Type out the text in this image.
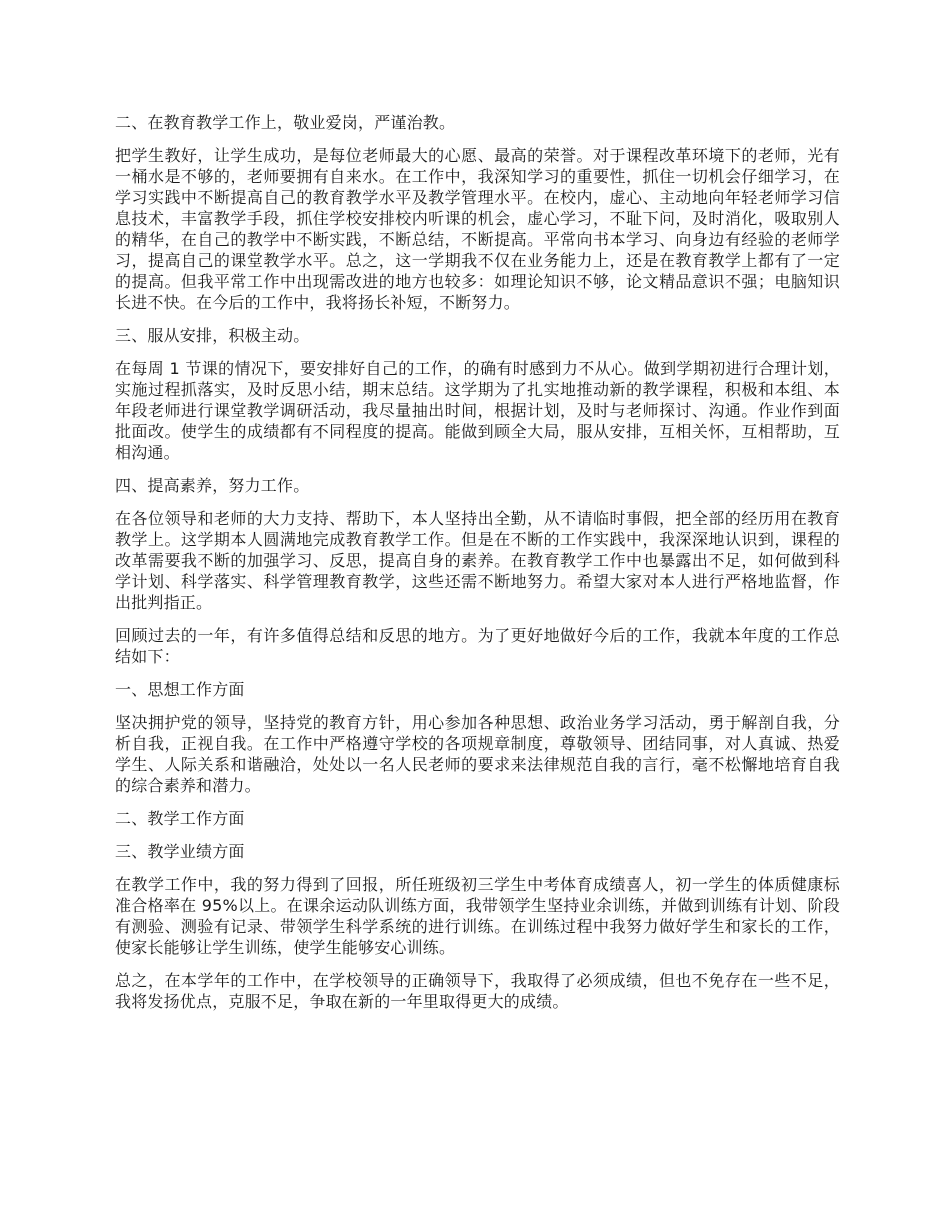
二、在教育教学工作上，敬业爱岗，严谨治教。

把学生教好，让学生成功，是每位老师最大的心愿、最高的荣誉。对于课程改革环境下的老师，光有一桶水是不够的，老师要拥有自来水。在工作中，我深知学习的重要性，抓住一切机会仔细学习，在学习实践中不断提高自己的教育教学水平及教学管理水平。在校内，虚心、主动地向年轻老师学习信息技术，丰富教学手段，抓住学校安排校内听课的机会，虚心学习，不耻下问，及时消化，吸取别人的精华，在自己的教学中不断实践，不断总结，不断提高。平常向书本学习、向身边有经验的老师学习，提高自己的课堂教学水平。总之，这一学期我不仅在业务能力上，还是在教育教学上都有了一定的提高。但我平常工作中出现需改进的地方也较多：如理论知识不够，论文精品意识不强；电脑知识长进不快。在今后的工作中，我将扬长补短，不断努力。

三、服从安排，积极主动。

在每周 1 节课的情况下，要安排好自己的工作，的确有时感到力不从心。做到学期初进行合理计划，实施过程抓落实，及时反思小结，期末总结。这学期为了扎实地推动新的教学课程，积极和本组、本年段老师进行课堂教学调研活动，我尽量抽出时间，根据计划，及时与老师探讨、沟通。作业作到面批面改。使学生的成绩都有不同程度的提高。能做到顾全大局，服从安排，互相关怀，互相帮助，互相沟通。

四、提高素养，努力工作。

在各位领导和老师的大力支持、帮助下，本人坚持出全勤，从不请临时事假，把全部的经历用在教育教学上。这学期本人圆满地完成教育教学工作。但是在不断的工作实践中，我深深地认识到，课程的改革需要我不断的加强学习、反思，提高自身的素养。在教育教学工作中也暴露出不足，如何做到科学计划、科学落实、科学管理教育教学，这些还需不断地努力。希望大家对本人进行严格地监督，作出批判指正。

回顾过去的一年，有许多值得总结和反思的地方。为了更好地做好今后的工作，我就本年度的工作总结如下：

一、思想工作方面

坚决拥护党的领导，坚持党的教育方针，用心参加各种思想、政治业务学习活动，勇于解剖自我，分析自我，正视自我。在工作中严格遵守学校的各项规章制度，尊敬领导、团结同事，对人真诚、热爱学生、人际关系和谐融洽，处处以一名人民老师的要求来法律规范自我的言行，毫不松懈地培育自我的综合素养和潜力。

二、教学工作方面

三、教学业绩方面

在教学工作中，我的努力得到了回报，所任班级初三学生中考体育成绩喜人，初一学生的体质健康标准合格率在 95%以上。在课余运动队训练方面，我带领学生坚持业余训练，并做到训练有计划、阶段有测验、测验有记录、带领学生科学系统的进行训练。在训练过程中我努力做好学生和家长的工作，使家长能够让学生训练，使学生能够安心训练。

总之，在本学年的工作中，在学校领导的正确领导下，我取得了必须成绩，但也不免存在一些不足，我将发扬优点，克服不足，争取在新的一年里取得更大的成绩。
